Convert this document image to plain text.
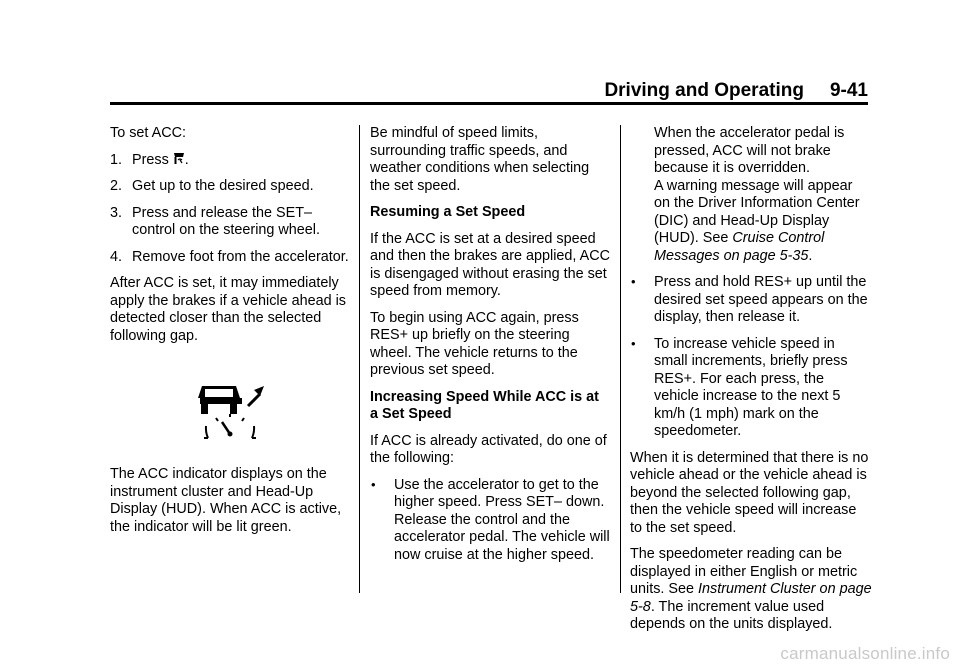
Driving and Operating 9-41

To set ACC:

1. Press .
2. Get up to the desired speed.
3. Press and release the SET– control on the steering wheel.
4. Remove foot from the accelerator.

After ACC is set, it may immediately apply the brakes if a vehicle ahead is detected closer than the selected following gap.

The ACC indicator displays on the instrument cluster and Head-Up Display (HUD). When ACC is active, the indicator will be lit green.

Be mindful of speed limits, surrounding traffic speeds, and weather conditions when selecting the set speed.

Resuming a Set Speed

If the ACC is set at a desired speed and then the brakes are applied, ACC is disengaged without erasing the set speed from memory.

To begin using ACC again, press RES+ up briefly on the steering wheel. The vehicle returns to the previous set speed.

Increasing Speed While ACC is at a Set Speed

If ACC is already activated, do one of the following:

• Use the accelerator to get to the higher speed. Press SET– down. Release the control and the accelerator pedal. The vehicle will now cruise at the higher speed.
When the accelerator pedal is pressed, ACC will not brake because it is overridden.
A warning message will appear on the Driver Information Center (DIC) and Head-Up Display (HUD). See Cruise Control Messages on page 5-35.
• Press and hold RES+ up until the desired set speed appears on the display, then release it.
• To increase vehicle speed in small increments, briefly press RES+. For each press, the vehicle increase to the next 5 km/h (1 mph) mark on the speedometer.

When it is determined that there is no vehicle ahead or the vehicle ahead is beyond the selected following gap, then the vehicle speed will increase to the set speed.

The speedometer reading can be displayed in either English or metric units. See Instrument Cluster on page 5-8. The increment value used depends on the units displayed.

carmanualsonline.info
